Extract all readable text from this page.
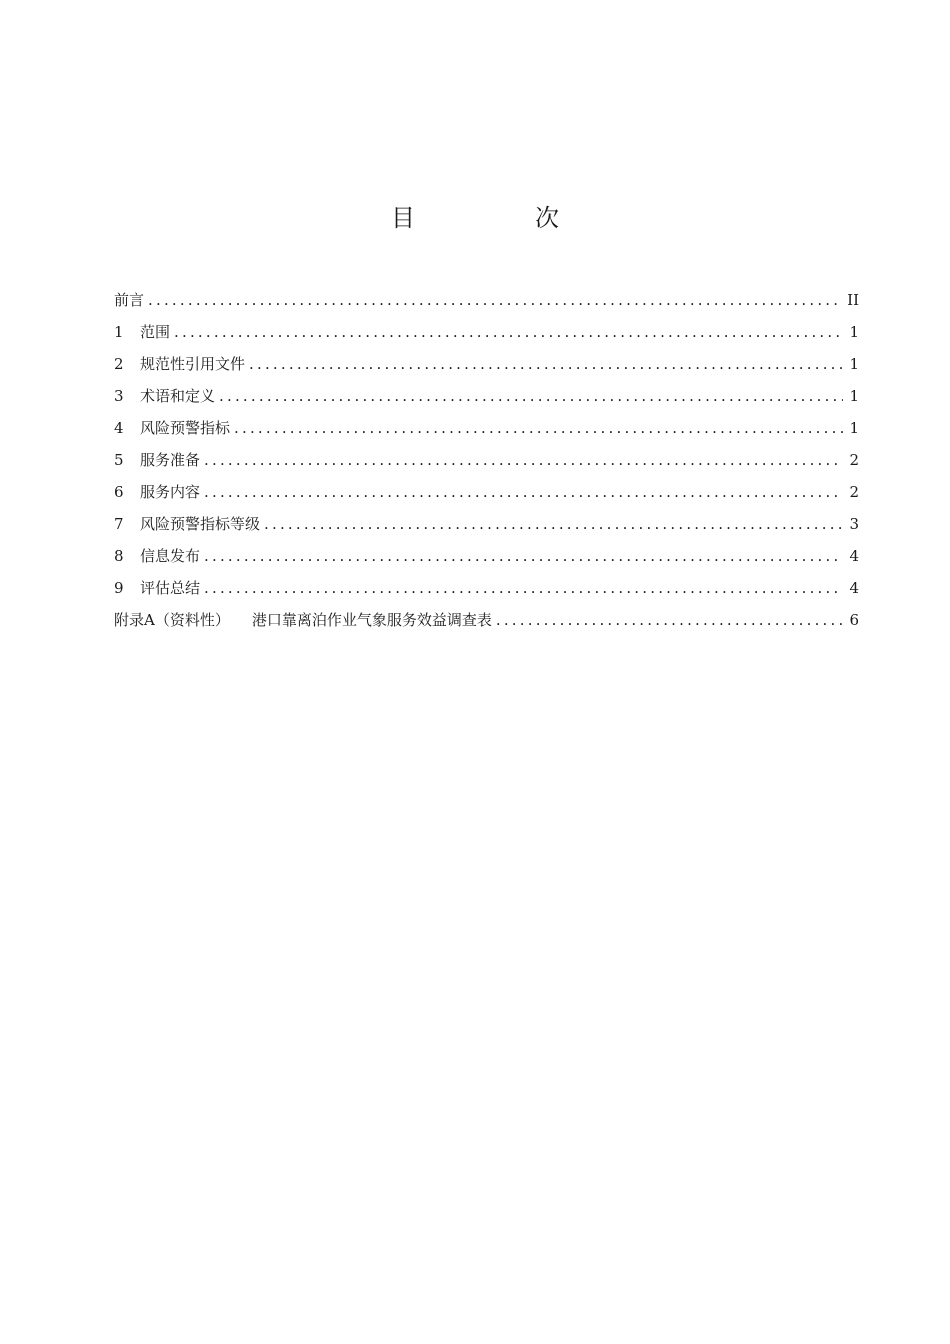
目　次
前言 .....	II
1 范围 .....	1
2 规范性引用文件 .....	1
3 术语和定义 .....	1
4 风险预警指标 .....	1
5 服务准备 .....	2
6 服务内容 .....	2
7 风险预警指标等级 .....	3
8 信息发布 .....	4
9 评估总结 .....	4
附录A（资料性） 港口靠离泊作业气象服务效益调查表 .....	6
